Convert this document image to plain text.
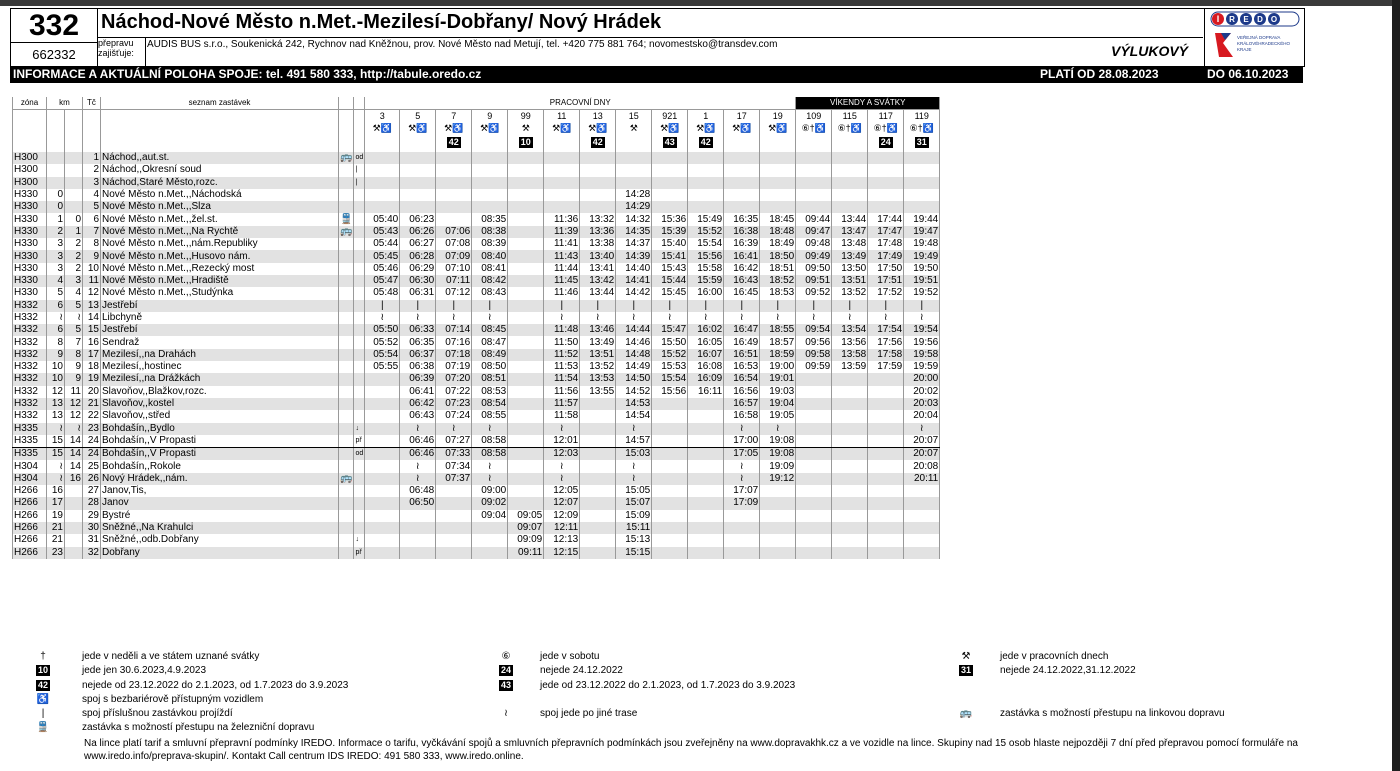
332
662332
Náchod-Nové Město n.Met.-Mezilesí-Dobřany/ Nový Hrádek
přepravu zajišťuje:
AUDIS BUS s.r.o., Soukenická 242, Rychnov nad Kněžnou, prov. Nové Město nad Metují, tel. +420 775 881 764; novomestsko@transdev.com	VÝLUKOVÝ
I R E D O
VEŘEJNÁ DOPRAVA
KRÁLOVÉHRADECKÉHO
KRAJE
INFORMACE A AKTUÁLNÍ POLOHA SPOJE: tel. 491 580 333, http://tabule.oredo.cz	PLATÍ OD 28.08.2023	DO 06.10.2023
zóna	km		Tč	seznam zastávek			PRACOVNÍ DNY												VÍKENDY A SVÁTKY			
							3	5	7	9	99	11	13	15	921	1	17	19	109	115	117	119
							⚒♿	⚒♿	⚒♿	⚒♿	⚒	⚒♿	⚒♿	⚒	⚒♿	⚒♿	⚒♿	⚒♿	⑥†♿	⑥†♿	⑥†♿	⑥†♿
									42		10		42		43	42					24	31
H300			1	Náchod,,aut.st.	🚌	od																
H300			2	Náchod,,Okresní soud		|																
H300			3	Náchod,Staré Město,rozc.		|																
H330	0		4	Nové Město n.Met.,,Náchodská										14:28								
H330	0		5	Nové Město n.Met.,,Slza										14:29								
H330	1	0	6	Nové Město n.Met.,,žel.st.	🚆		05:40	06:23		08:35		11:36	13:32	14:32	15:36	15:49	16:35	18:45	09:44	13:44	17:44	19:44
H330	2	1	7	Nové Město n.Met.,,Na Rychtě	🚌		05:43	06:26	07:06	08:38		11:39	13:36	14:35	15:39	15:52	16:38	18:48	09:47	13:47	17:47	19:47
H330	3	2	8	Nové Město n.Met.,,nám.Republiky			05:44	06:27	07:08	08:39		11:41	13:38	14:37	15:40	15:54	16:39	18:49	09:48	13:48	17:48	19:48
H330	3	2	9	Nové Město n.Met.,,Husovo nám.			05:45	06:28	07:09	08:40		11:43	13:40	14:39	15:41	15:56	16:41	18:50	09:49	13:49	17:49	19:49
H330	3	2	10	Nové Město n.Met.,,Rezecký most			05:46	06:29	07:10	08:41		11:44	13:41	14:40	15:43	15:58	16:42	18:51	09:50	13:50	17:50	19:50
H330	4	3	11	Nové Město n.Met.,,Hradiště			05:47	06:30	07:11	08:42		11:45	13:42	14:41	15:44	15:59	16:43	18:52	09:51	13:51	17:51	19:51
H330	5	4	12	Nové Město n.Met.,,Studýnka			05:48	06:31	07:12	08:43		11:46	13:44	14:42	15:45	16:00	16:45	18:53	09:52	13:52	17:52	19:52
H332	6	5	13	Jestřebí			|	|	|	|		|	|	|	|	|	|	|	|	|	|	|
H332	≀	≀	14	Libchyně			≀	≀	≀	≀		≀	≀	≀	≀	≀	≀	≀	≀	≀	≀	≀
H332	6	5	15	Jestřebí			05:50	06:33	07:14	08:45		11:48	13:46	14:44	15:47	16:02	16:47	18:55	09:54	13:54	17:54	19:54
H332	8	7	16	Sendraž			05:52	06:35	07:16	08:47		11:50	13:49	14:46	15:50	16:05	16:49	18:57	09:56	13:56	17:56	19:56
H332	9	8	17	Mezilesí,,na Drahách			05:54	06:37	07:18	08:49		11:52	13:51	14:48	15:52	16:07	16:51	18:59	09:58	13:58	17:58	19:58
H332	10	9	18	Mezilesí,,hostinec			05:55	06:38	07:19	08:50		11:53	13:52	14:49	15:53	16:08	16:53	19:00	09:59	13:59	17:59	19:59
H332	10	9	19	Mezilesí,,na Drážkách				06:39	07:20	08:51		11:54	13:53	14:50	15:54	16:09	16:54	19:01				20:00
H332	12	11	20	Slavoňov,,Blažkov,rozc.				06:41	07:22	08:53		11:56	13:55	14:52	15:56	16:11	16:56	19:03				20:02
H332	13	12	21	Slavoňov,,kostel				06:42	07:23	08:54		11:57		14:53			16:57	19:04				20:03
H332	13	12	22	Slavoňov,,střed				06:43	07:24	08:55		11:58		14:54			16:58	19:05				20:04
H335	≀	≀	23	Bohdašín,,Bydlo		↓		≀	≀	≀		≀		≀			≀	≀				≀
H335	15	14	24	Bohdašín,,V Propasti		př		06:46	07:27	08:58		12:01		14:57			17:00	19:08				20:07
H335	15	14	24	Bohdašín,,V Propasti		od		06:46	07:33	08:58		12:03		15:03			17:05	19:08				20:07
H304	≀	14	25	Bohdašín,,Rokole				≀	07:34	≀		≀		≀			≀	19:09				20:08
H304	≀	16	26	Nový Hrádek,,nám.	🚌			≀	07:37	≀		≀		≀			≀	19:12				20:11
H266	16		27	Janov,Tis,				06:48		09:00		12:05		15:05			17:07					
H266	17		28	Janov				06:50		09:02		12:07		15:07			17:09					
H266	19		29	Bystré						09:04	09:05	12:09		15:09								
H266	21		30	Sněžné,,Na Krahulci							09:07	12:11		15:11								
H266	21		31	Sněžné,,odb.Dobřany		↓					09:09	12:13		15:13								
H266	23		32	Dobřany		př					09:11	12:15		15:15								
†	jede v neděli a ve státem uznané svátky	⑥	jede v sobotu	⚒	jede v pracovních dnech
10	jede jen 30.6.2023,4.9.2023	24	nejede 24.12.2022	31	nejede 24.12.2022,31.12.2022
42	nejede od 23.12.2022 do 2.1.2023, od 1.7.2023 do 3.9.2023	43	jede od 23.12.2022 do 2.1.2023, od 1.7.2023 do 3.9.2023
♿	spoj s bezbariérově přístupným vozidlem
|	spoj příslušnou zastávkou projíždí	≀	spoj jede po jiné trase	🚌	zastávka s možností přestupu na linkovou dopravu
🚆	zastávka s možností přestupu na železniční dopravu
Na lince platí tarif a smluvní přepravní podmínky IREDO. Informace o tarifu, vyčkávání spojů a smluvních přepravních podmínkách jsou zveřejněny na www.dopravakhk.cz a ve vozidle na lince. Skupiny nad 15 osob hlaste nejpozději 7 dní před přepravou pomocí formuláře na www.iredo.info/preprava-skupin/. Kontakt Call centrum IDS IREDO: 491 580 333, www.iredo.online.
